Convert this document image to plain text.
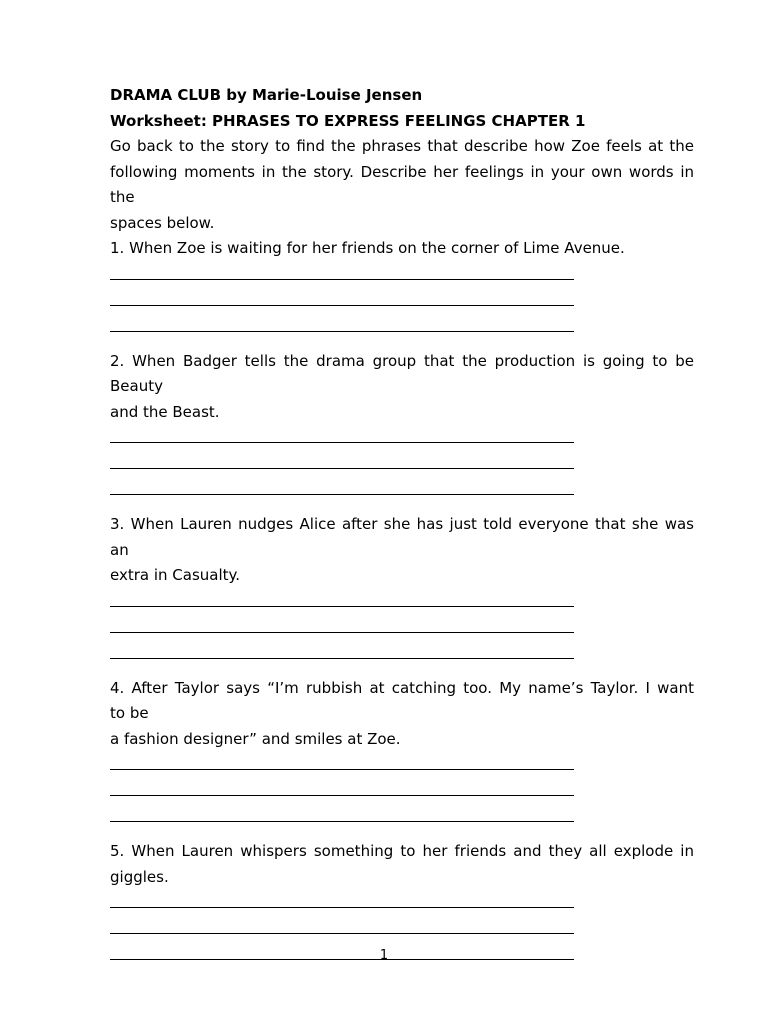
DRAMA CLUB by Marie-Louise Jensen
Worksheet: PHRASES TO EXPRESS FEELINGS CHAPTER 1
Go back to the story to find the phrases that describe how Zoe feels at the
following moments in the story. Describe her feelings in your own words in
the
spaces below.
1. When Zoe is waiting for her friends on the corner of Lime Avenue.
2. When Badger tells the drama group that the production is going to be
Beauty
and the Beast.
3. When Lauren nudges Alice after she has just told everyone that she was
an
extra in Casualty.
4. After Taylor says “I’m rubbish at catching too. My name’s Taylor. I want
to be
a fashion designer” and smiles at Zoe.
5. When Lauren whispers something to her friends and they all explode in
giggles.
1
